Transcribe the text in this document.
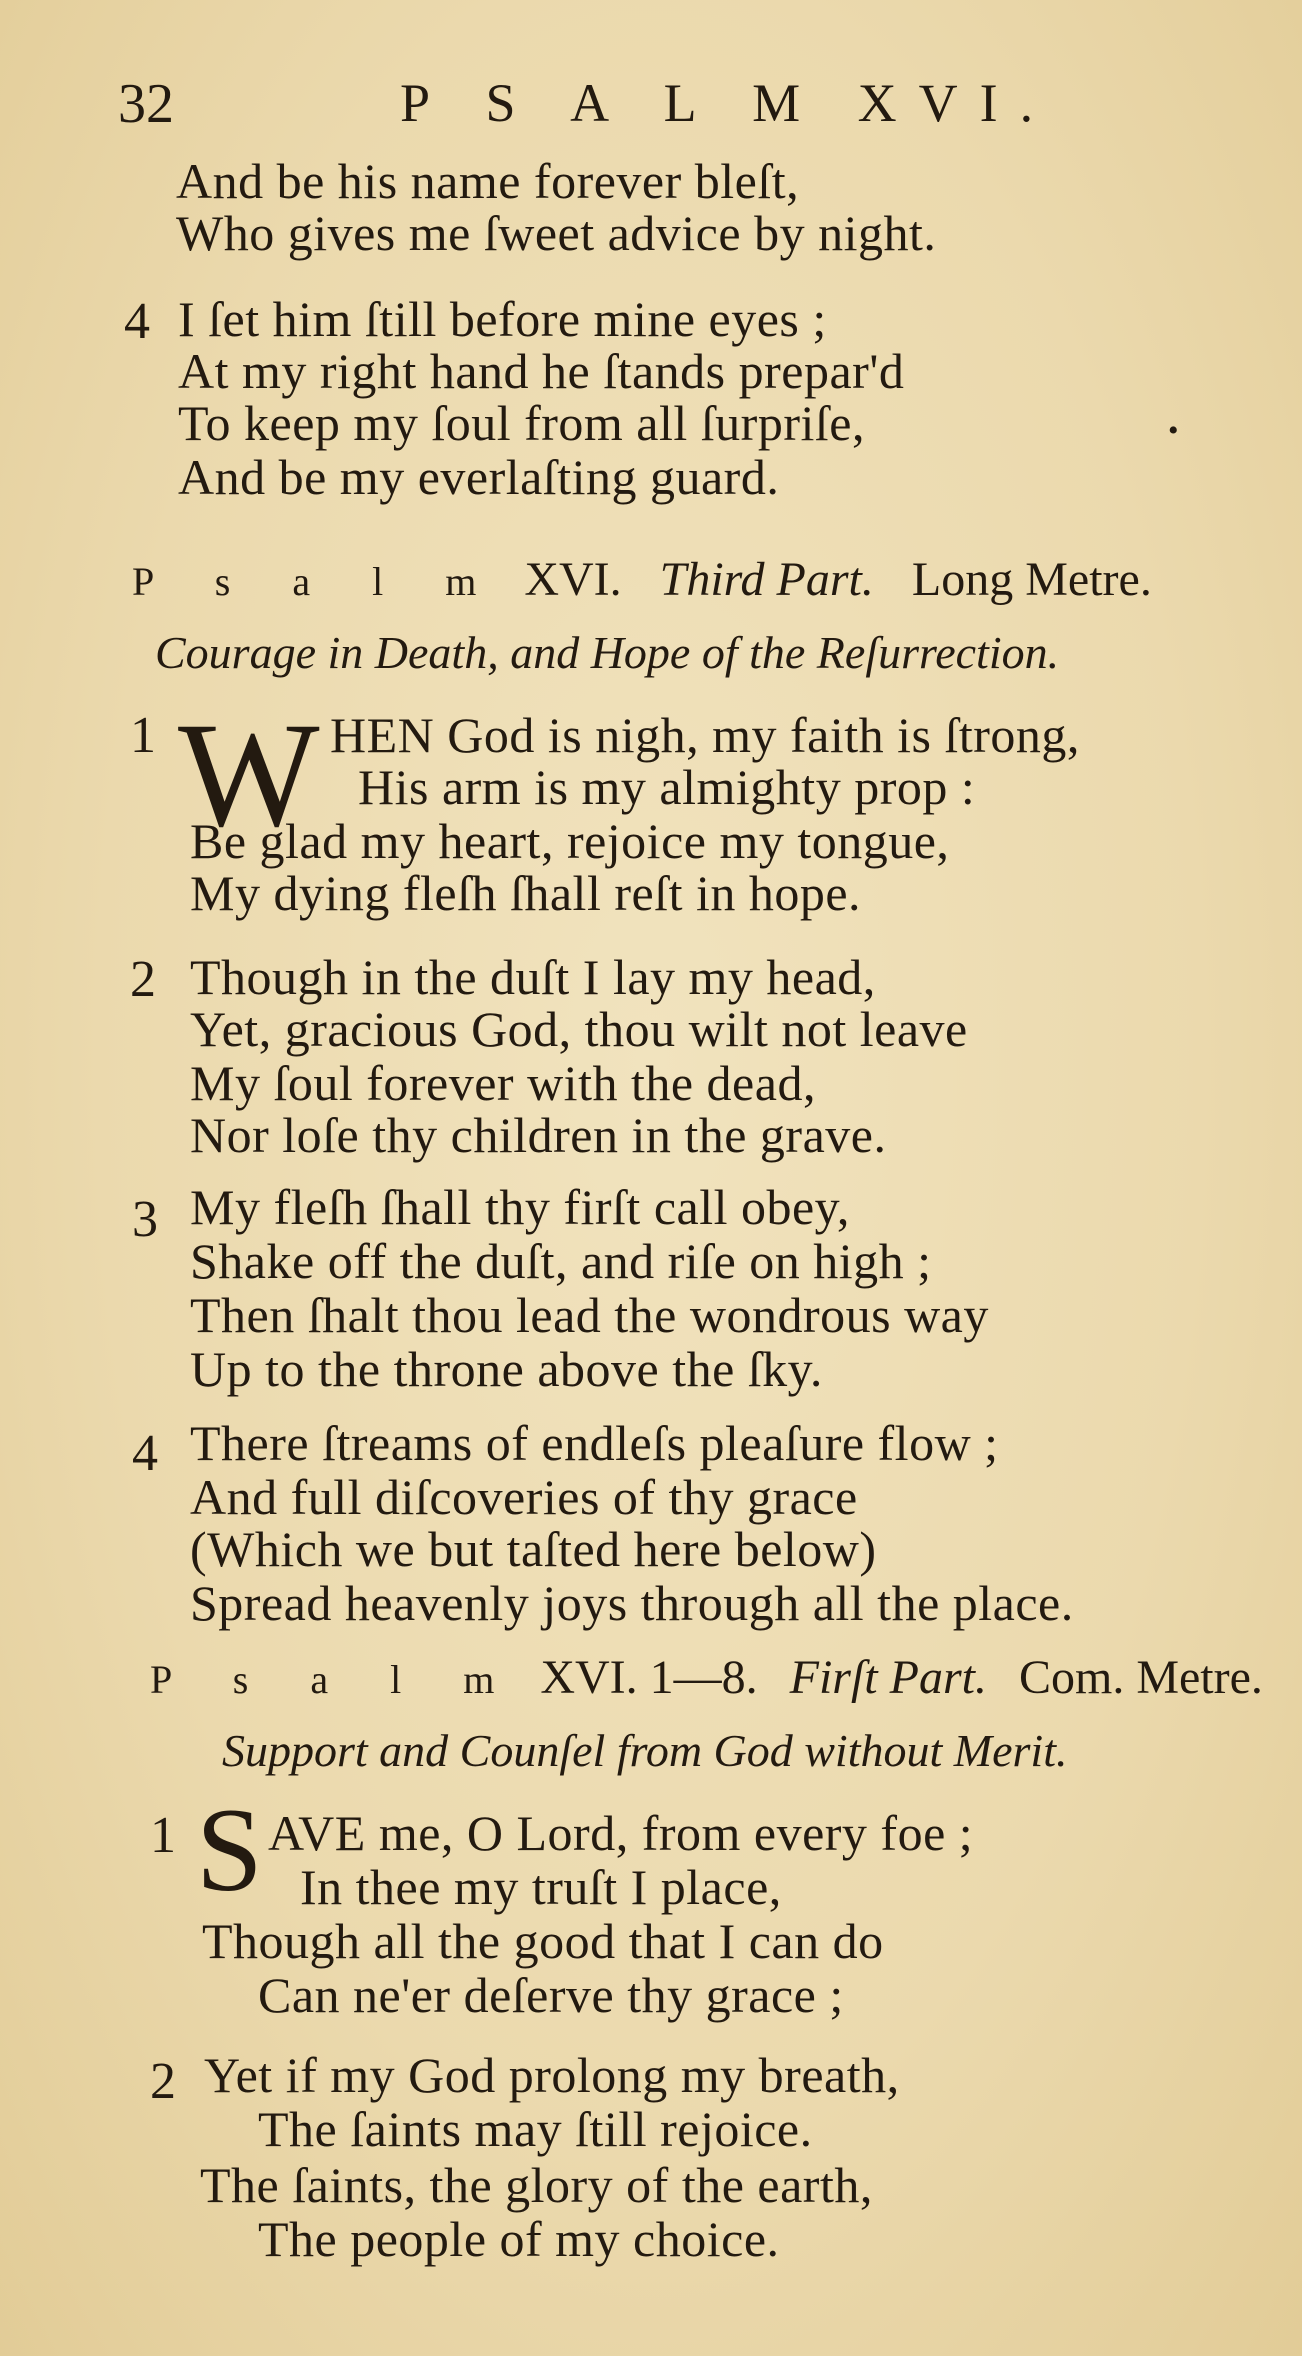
32	P S A L M XVI.
And be his name forever bleſt,
Who gives me ſweet advice by night.
4 I ſet him ſtill before mine eyes ;
At my right hand he ſtands prepar'd
To keep my ſoul from all ſurpriſe,
And be my everlaſting guard.
•
P s a l m XVI. Third Part. Long Metre.
Courage in Death, and Hope of the Reſurrection.
1 W HEN God is nigh, my faith is ſtrong,
His arm is my almighty prop :
Be glad my heart, rejoice my tongue,
My dying fleſh ſhall reſt in hope.
2 Though in the duſt I lay my head,
Yet, gracious God, thou wilt not leave
My ſoul forever with the dead,
Nor loſe thy children in the grave.
3 My fleſh ſhall thy firſt call obey,
Shake off the duſt, and riſe on high ;
Then ſhalt thou lead the wondrous way
Up to the throne above the ſky.
4 There ſtreams of endleſs pleaſure flow ;
And full diſcoveries of thy grace
(Which we but taſted here below)
Spread heavenly joys through all the place.
P s a l m XVI. 1—8. Firſt Part. Com. Metre.
Support and Counſel from God without Merit.
1 S AVE me, O Lord, from every foe ;
In thee my truſt I place,
Though all the good that I can do
Can ne'er deſerve thy grace ;
2 Yet if my God prolong my breath,
The ſaints may ſtill rejoice.
The ſaints, the glory of the earth,
The people of my choice.
